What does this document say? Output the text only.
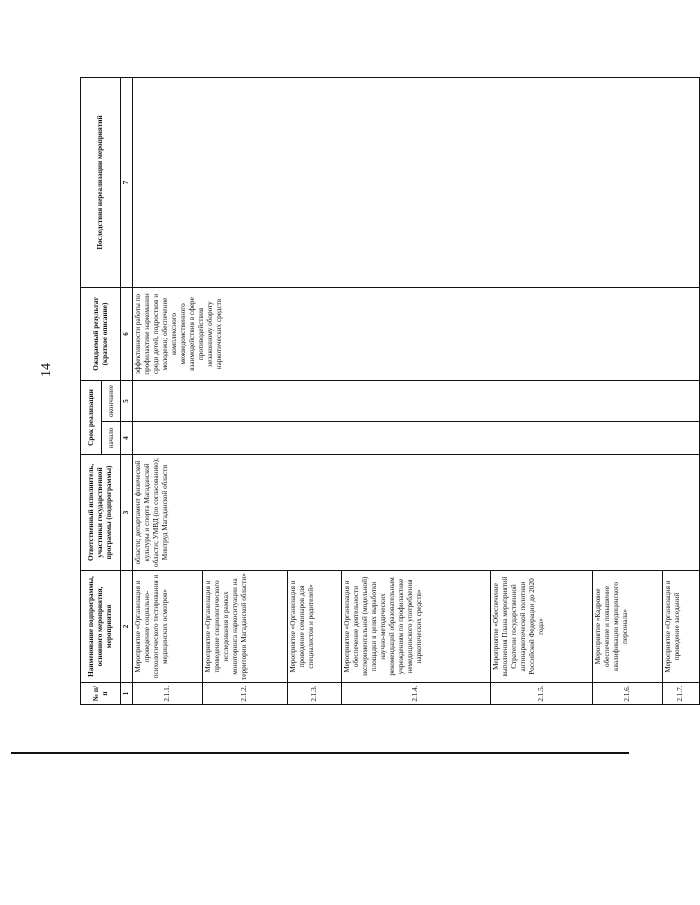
14
№ п/п	Наименование подпрограммы, основного мероприятия, мероприятия	Ответственный исполнитель, участники государственной программы (подпрограммы)	Срок реализации		Ожидаемый результат (краткое описание)	Последствия нереализации мероприятий
			начало	окончание		
1	2	3	4	5	6	7
2.1.1.	Мероприятие «Организация и проведение социально-психологического тестирования и медицинских осмотров»	области; департамент физической культуры и спорта Магаданской области; УМВД (по согласованию); Минтруд Магаданской области			эффективности работы по профилактике наркомании среди детей, подростков и молодежи; обеспечение комплексного межведомственного взаимодействия в сфере противодействия незаконному обороту наркотических средств	
2.1.2.	Мероприятие «Организация и проведение социологического исследования в рамках мониторинга наркоситуации на территории Магаданской области»					
2.1.3.	Мероприятие «Организация и проведение семинаров для специалистов и родителей»					
2.1.4.	Мероприятие «Организация и обеспечение деятельности экспериментальной (модельной) площадки в целях выработки научно-методических рекомендаций образовательным учреждениям по профилактике немедицинского употребления наркотических средств»					
2.1.5.	Мероприятие «Обеспечение выполнения Плана мероприятий Стратегии государственной антинаркотической политики Российской Федерации до 2020 года»					
2.1.6.	Мероприятие «Кадровое обеспечение и повышение квалификации медицинского персонала»					
2.1.7.	Мероприятие «Организация и проведение заседаний					
